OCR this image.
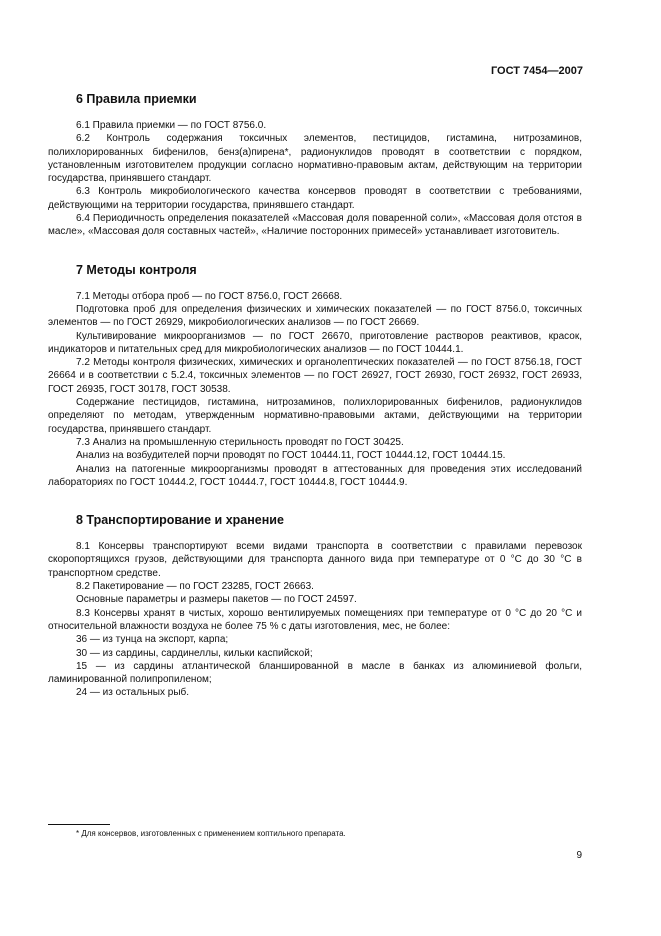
ГОСТ 7454—2007
6 Правила приемки

6.1 Правила приемки — по ГОСТ 8756.0.

6.2 Контроль содержания токсичных элементов, пестицидов, гистамина, нитрозаминов, полихлорированных бифенилов, бенз(а)пирена*, радионуклидов проводят в соответствии с порядком, установленным изготовителем продукции согласно нормативно-правовым актам, действующим на территории государства, принявшего стандарт.

6.3 Контроль микробиологического качества консервов проводят в соответствии с требованиями, действующими на территории государства, принявшего стандарт.

6.4 Периодичность определения показателей «Массовая доля поваренной соли», «Массовая доля отстоя в масле», «Массовая доля составных частей», «Наличие посторонних примесей» устанавливает изготовитель.

7 Методы контроля

7.1 Методы отбора проб — по ГОСТ 8756.0, ГОСТ 26668.

Подготовка проб для определения физических и химических показателей — по ГОСТ 8756.0, токсичных элементов — по ГОСТ 26929, микробиологических анализов — по ГОСТ 26669.

Культивирование микроорганизмов — по ГОСТ 26670, приготовление растворов реактивов, красок, индикаторов и питательных сред для микробиологических анализов — по ГОСТ 10444.1.

7.2 Методы контроля физических, химических и органолептических показателей — по ГОСТ 8756.18, ГОСТ 26664 и в соответствии с 5.2.4, токсичных элементов — по ГОСТ 26927, ГОСТ 26930, ГОСТ 26932, ГОСТ 26933, ГОСТ 26935, ГОСТ 30178, ГОСТ 30538.

Содержание пестицидов, гистамина, нитрозаминов, полихлорированных бифенилов, радионуклидов определяют по методам, утвержденным нормативно-правовыми актами, действующими на территории государства, принявшего стандарт.

7.3 Анализ на промышленную стерильность проводят по ГОСТ 30425.

Анализ на возбудителей порчи проводят по ГОСТ 10444.11, ГОСТ 10444.12, ГОСТ 10444.15.

Анализ на патогенные микроорганизмы проводят в аттестованных для проведения этих исследований лабораториях по ГОСТ 10444.2, ГОСТ 10444.7, ГОСТ 10444.8, ГОСТ 10444.9.

8 Транспортирование и хранение

8.1 Консервы транспортируют всеми видами транспорта в соответствии с правилами перевозок скоропортящихся грузов, действующими для транспорта данного вида при температуре от 0 °С до 30 °С в транспортном средстве.

8.2 Пакетирование — по ГОСТ 23285, ГОСТ 26663.

Основные параметры и размеры пакетов — по ГОСТ 24597.

8.3 Консервы хранят в чистых, хорошо вентилируемых помещениях при температуре от 0 °С до 20 °С и относительной влажности воздуха не более 75 % с даты изготовления, мес, не более:

36 — из тунца на экспорт, карпа;

30 — из сардины, сардинеллы, кильки каспийской;

15 — из сардины атлантической бланшированной в масле в банках из алюминиевой фольги, ламинированной полипропиленом;

24 — из остальных рыб.

* Для консервов, изготовленных с применением коптильного препарата.
9
